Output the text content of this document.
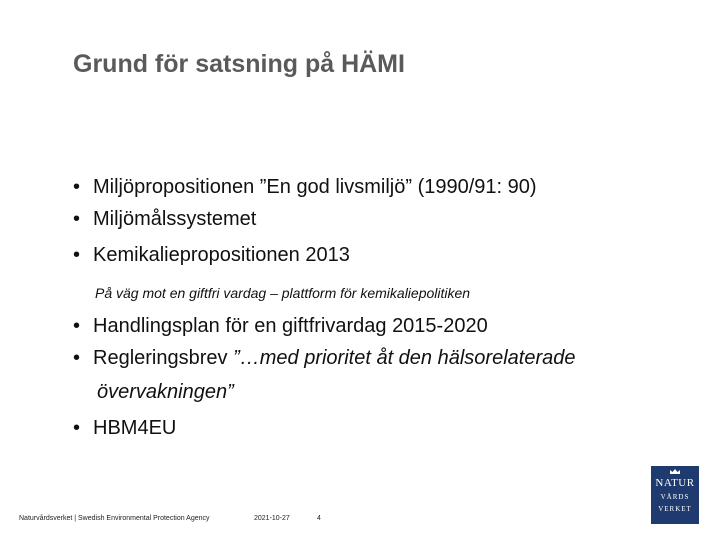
Grund för satsning på HÄMI
• Miljöpropositionen ”En god livsmiljö” (1990/91: 90)
• Miljömålssystemet
• Kemikaliepropositionen 2013
På väg mot en giftfri vardag – plattform för kemikaliepolitiken
• Handlingsplan för en giftfrivardag 2015-2020
• Regleringsbrev ”…med prioritet åt den hälsorelaterade
övervakningen”
• HBM4EU
Naturvårdsverket | Swedish Environmental Protection Agency	2021-10-27	4
NATUR
VÅRDS
VERKET
